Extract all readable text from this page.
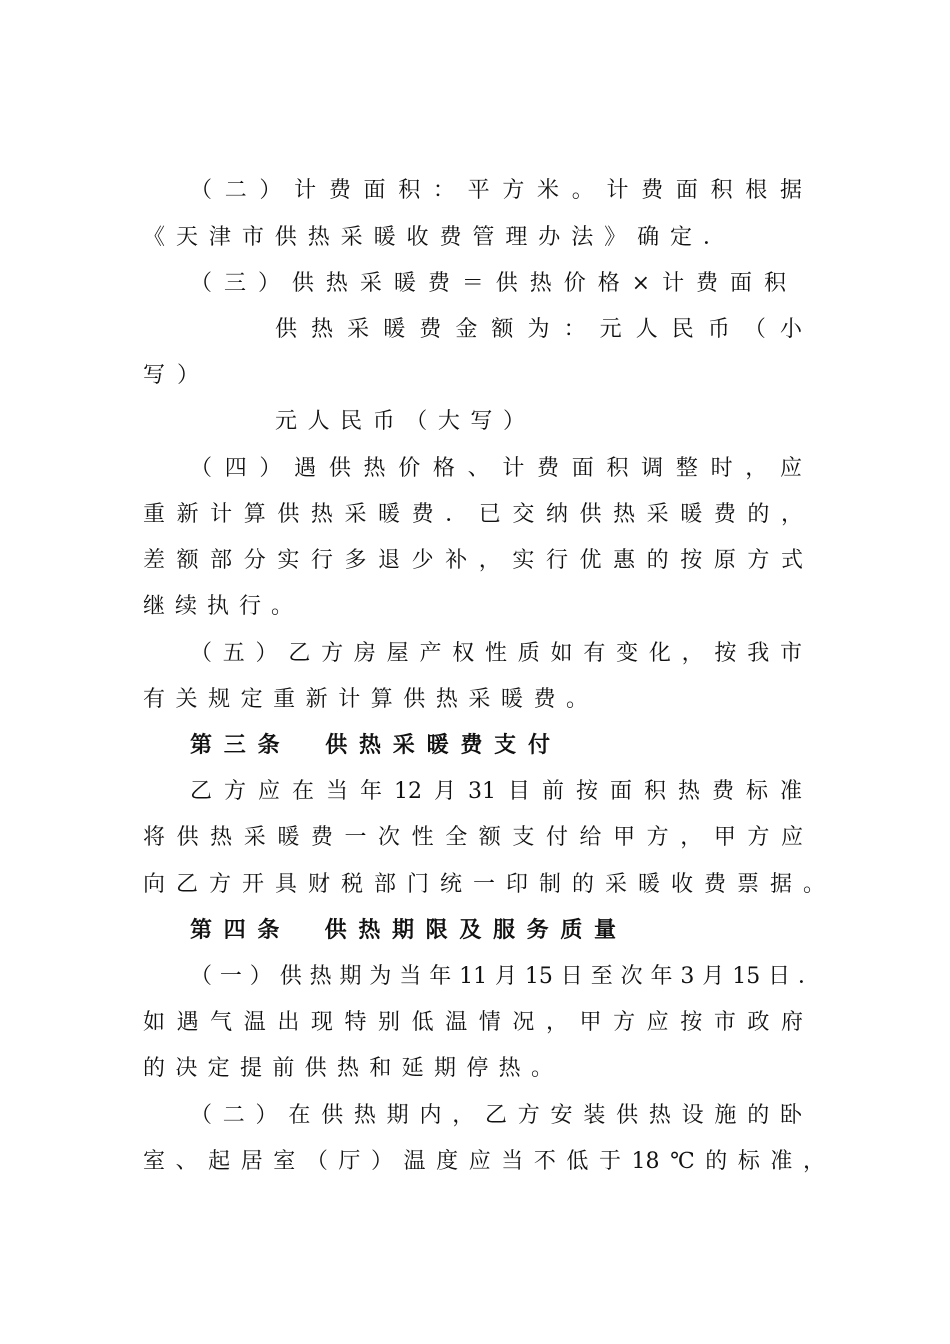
（二）计费面积：平方米。计费面积根据
《天津市供热采暖收费管理办法》确定．
（三）供热采暖费＝供热价格×计费面积
供热采暖费金额为：元人民币（小
写）
元人民币（大写）
（四）遇供热价格、计费面积调整时，应
重新计算供热采暖费．已交纳供热采暖费的，
差额部分实行多退少补，实行优惠的按原方式
继续执行。
（五）乙方房屋产权性质如有变化，按我市
有关规定重新计算供热采暖费。
第三条　供热采暖费支付
乙方应在当年12月31目前按面积热费标准
将供热采暖费一次性全额支付给甲方，甲方应
向乙方开具财税部门统一印制的采暖收费票据。
第四条　供热期限及服务质量
（一）供热期为当年11月15日至次年3月15日．
如遇气温出现特别低温情况，甲方应按市政府
的决定提前供热和延期停热。
（二）在供热期内，乙方安装供热设施的卧
室、起居室（厅）温度应当不低于18℃的标准，
